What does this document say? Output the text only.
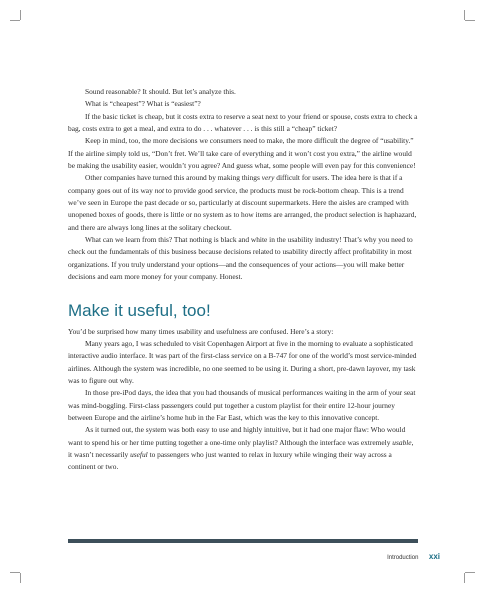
Sound reasonable? It should. But let’s analyze this.

What is “cheapest”? What is “easiest”?

If the basic ticket is cheap, but it costs extra to reserve a seat next to your friend or spouse, costs extra to check a bag, costs extra to get a meal, and extra to do . . . whatever . . . is this still a “cheap” ticket?

Keep in mind, too, the more decisions we consumers need to make, the more difficult the degree of “usability.” If the airline simply told us, “Don’t fret. We’ll take care of everything and it won’t cost you extra,” the airline would be making the usability easier, wouldn’t you agree? And guess what, some people will even pay for this convenience!

Other companies have turned this around by making things very difficult for users. The idea here is that if a company goes out of its way not to provide good service, the products must be rock-bottom cheap. This is a trend we’ve seen in Europe the past decade or so, particularly at discount supermarkets. Here the aisles are cramped with unopened boxes of goods, there is little or no system as to how items are arranged, the product selection is haphazard, and there are always long lines at the solitary checkout.

What can we learn from this? That nothing is black and white in the usability industry! That’s why you need to check out the fundamentals of this business because decisions related to usability directly affect profitability in most organizations. If you truly understand your options—and the consequences of your actions—you will make better decisions and earn more money for your company. Honest.

Make it useful, too!

You’d be surprised how many times usability and usefulness are confused. Here’s a story:

Many years ago, I was scheduled to visit Copenhagen Airport at five in the morning to evaluate a sophisticated interactive audio interface. It was part of the first-class service on a B-747 for one of the world’s most service-minded airlines. Although the system was incredible, no one seemed to be using it. During a short, pre-dawn layover, my task was to figure out why.

In those pre-iPod days, the idea that you had thousands of musical performances waiting in the arm of your seat was mind-boggling. First-class passengers could put together a custom playlist for their entire 12-hour journey between Europe and the airline’s home hub in the Far East, which was the key to this innovative concept.

As it turned out, the system was both easy to use and highly intuitive, but it had one major flaw: Who would want to spend his or her time putting together a one-time only playlist? Although the interface was extremely usable, it wasn’t necessarily useful to passengers who just wanted to relax in luxury while winging their way across a continent or two.

Introduction xxi
